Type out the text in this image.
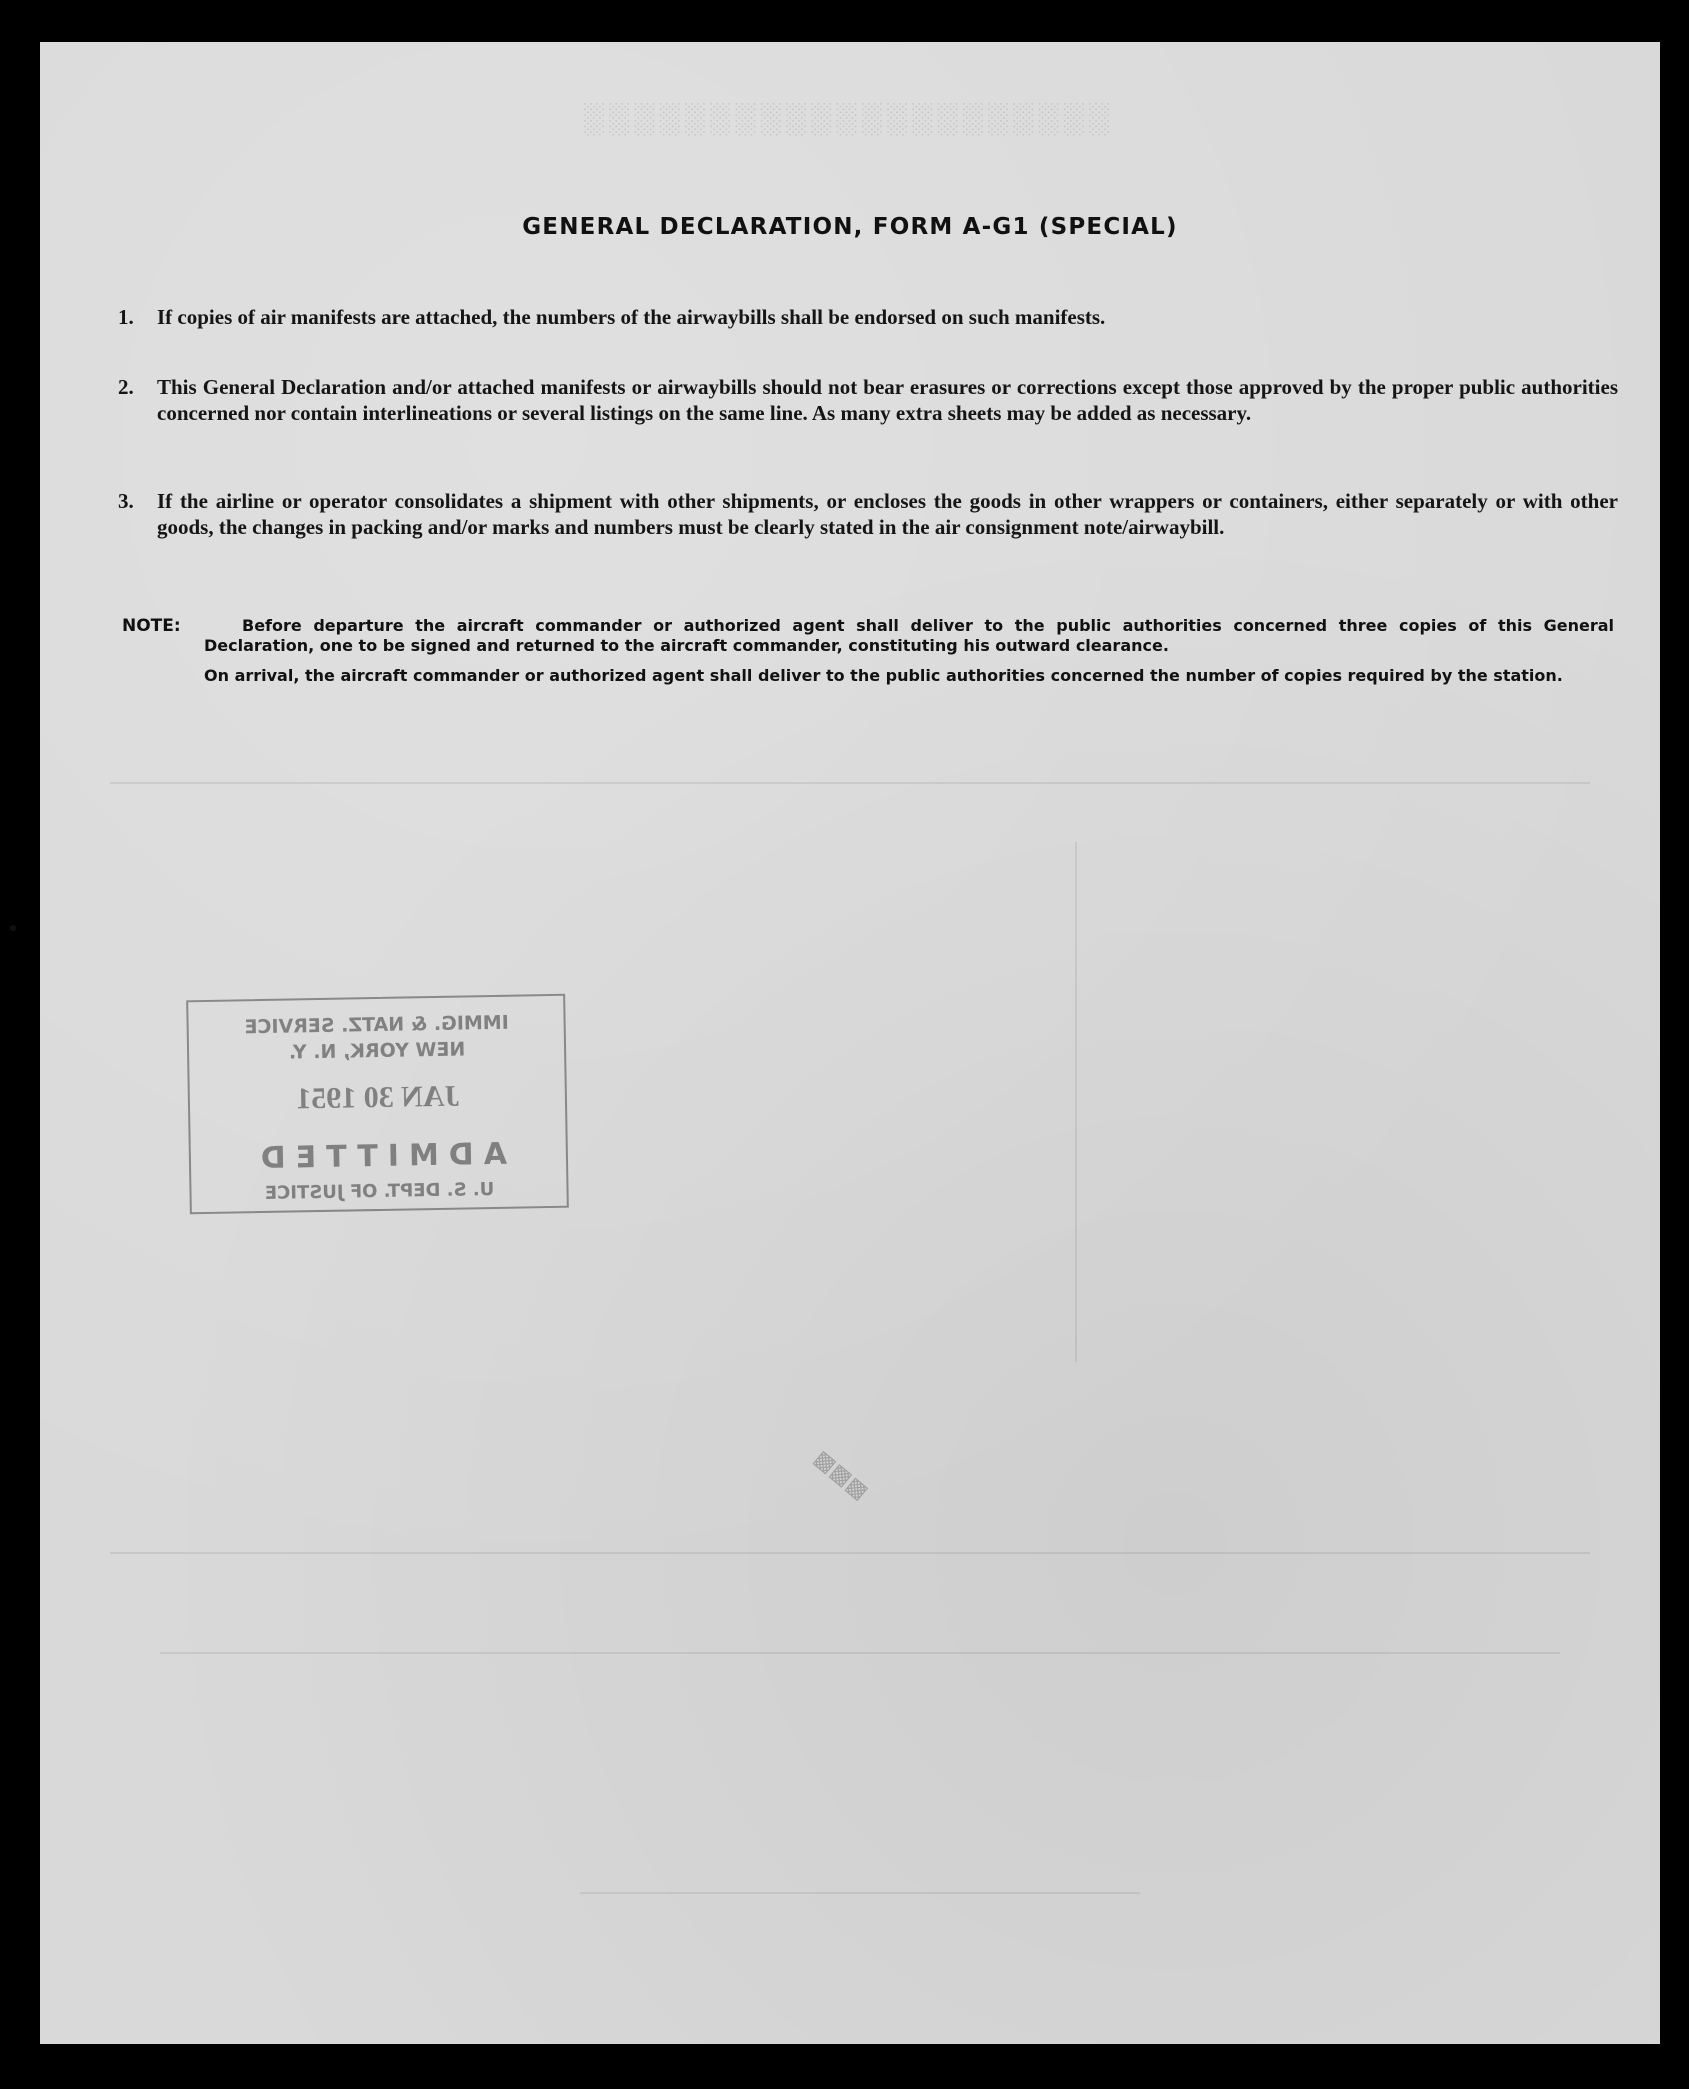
░░░░░░░░░░░░░░░░░░░░░
GENERAL DECLARATION, FORM A-G1 (SPECIAL)
1.	If copies of air manifests are attached, the numbers of the airwaybills shall be endorsed on such manifests.
2.	This General Declaration and/or attached manifests or airwaybills should not bear erasures or corrections except those approved by the proper public authorities concerned nor contain interlineations or several listings on the same line. As many extra sheets may be added as necessary.
3.	If the airline or operator consolidates a shipment with other shipments, or encloses the goods in other wrappers or containers, either separately or with other goods, the changes in packing and/or marks and numbers must be clearly stated in the air consignment note/airwaybill.
NOTE:	Before departure the aircraft commander or authorized agent shall deliver to the public authorities concerned three copies of this General Declaration, one to be signed and returned to the aircraft commander, constituting his outward clearance.

On arrival, the aircraft commander or authorized agent shall deliver to the public authorities concerned the number of copies required by the station.

IMMIG. & NATZ. SERVICE
NEW YORK, N. Y.
JAN 30 1951
ADMITTED
U. S. DEPT. OF JUSTICE
▩▩▩
